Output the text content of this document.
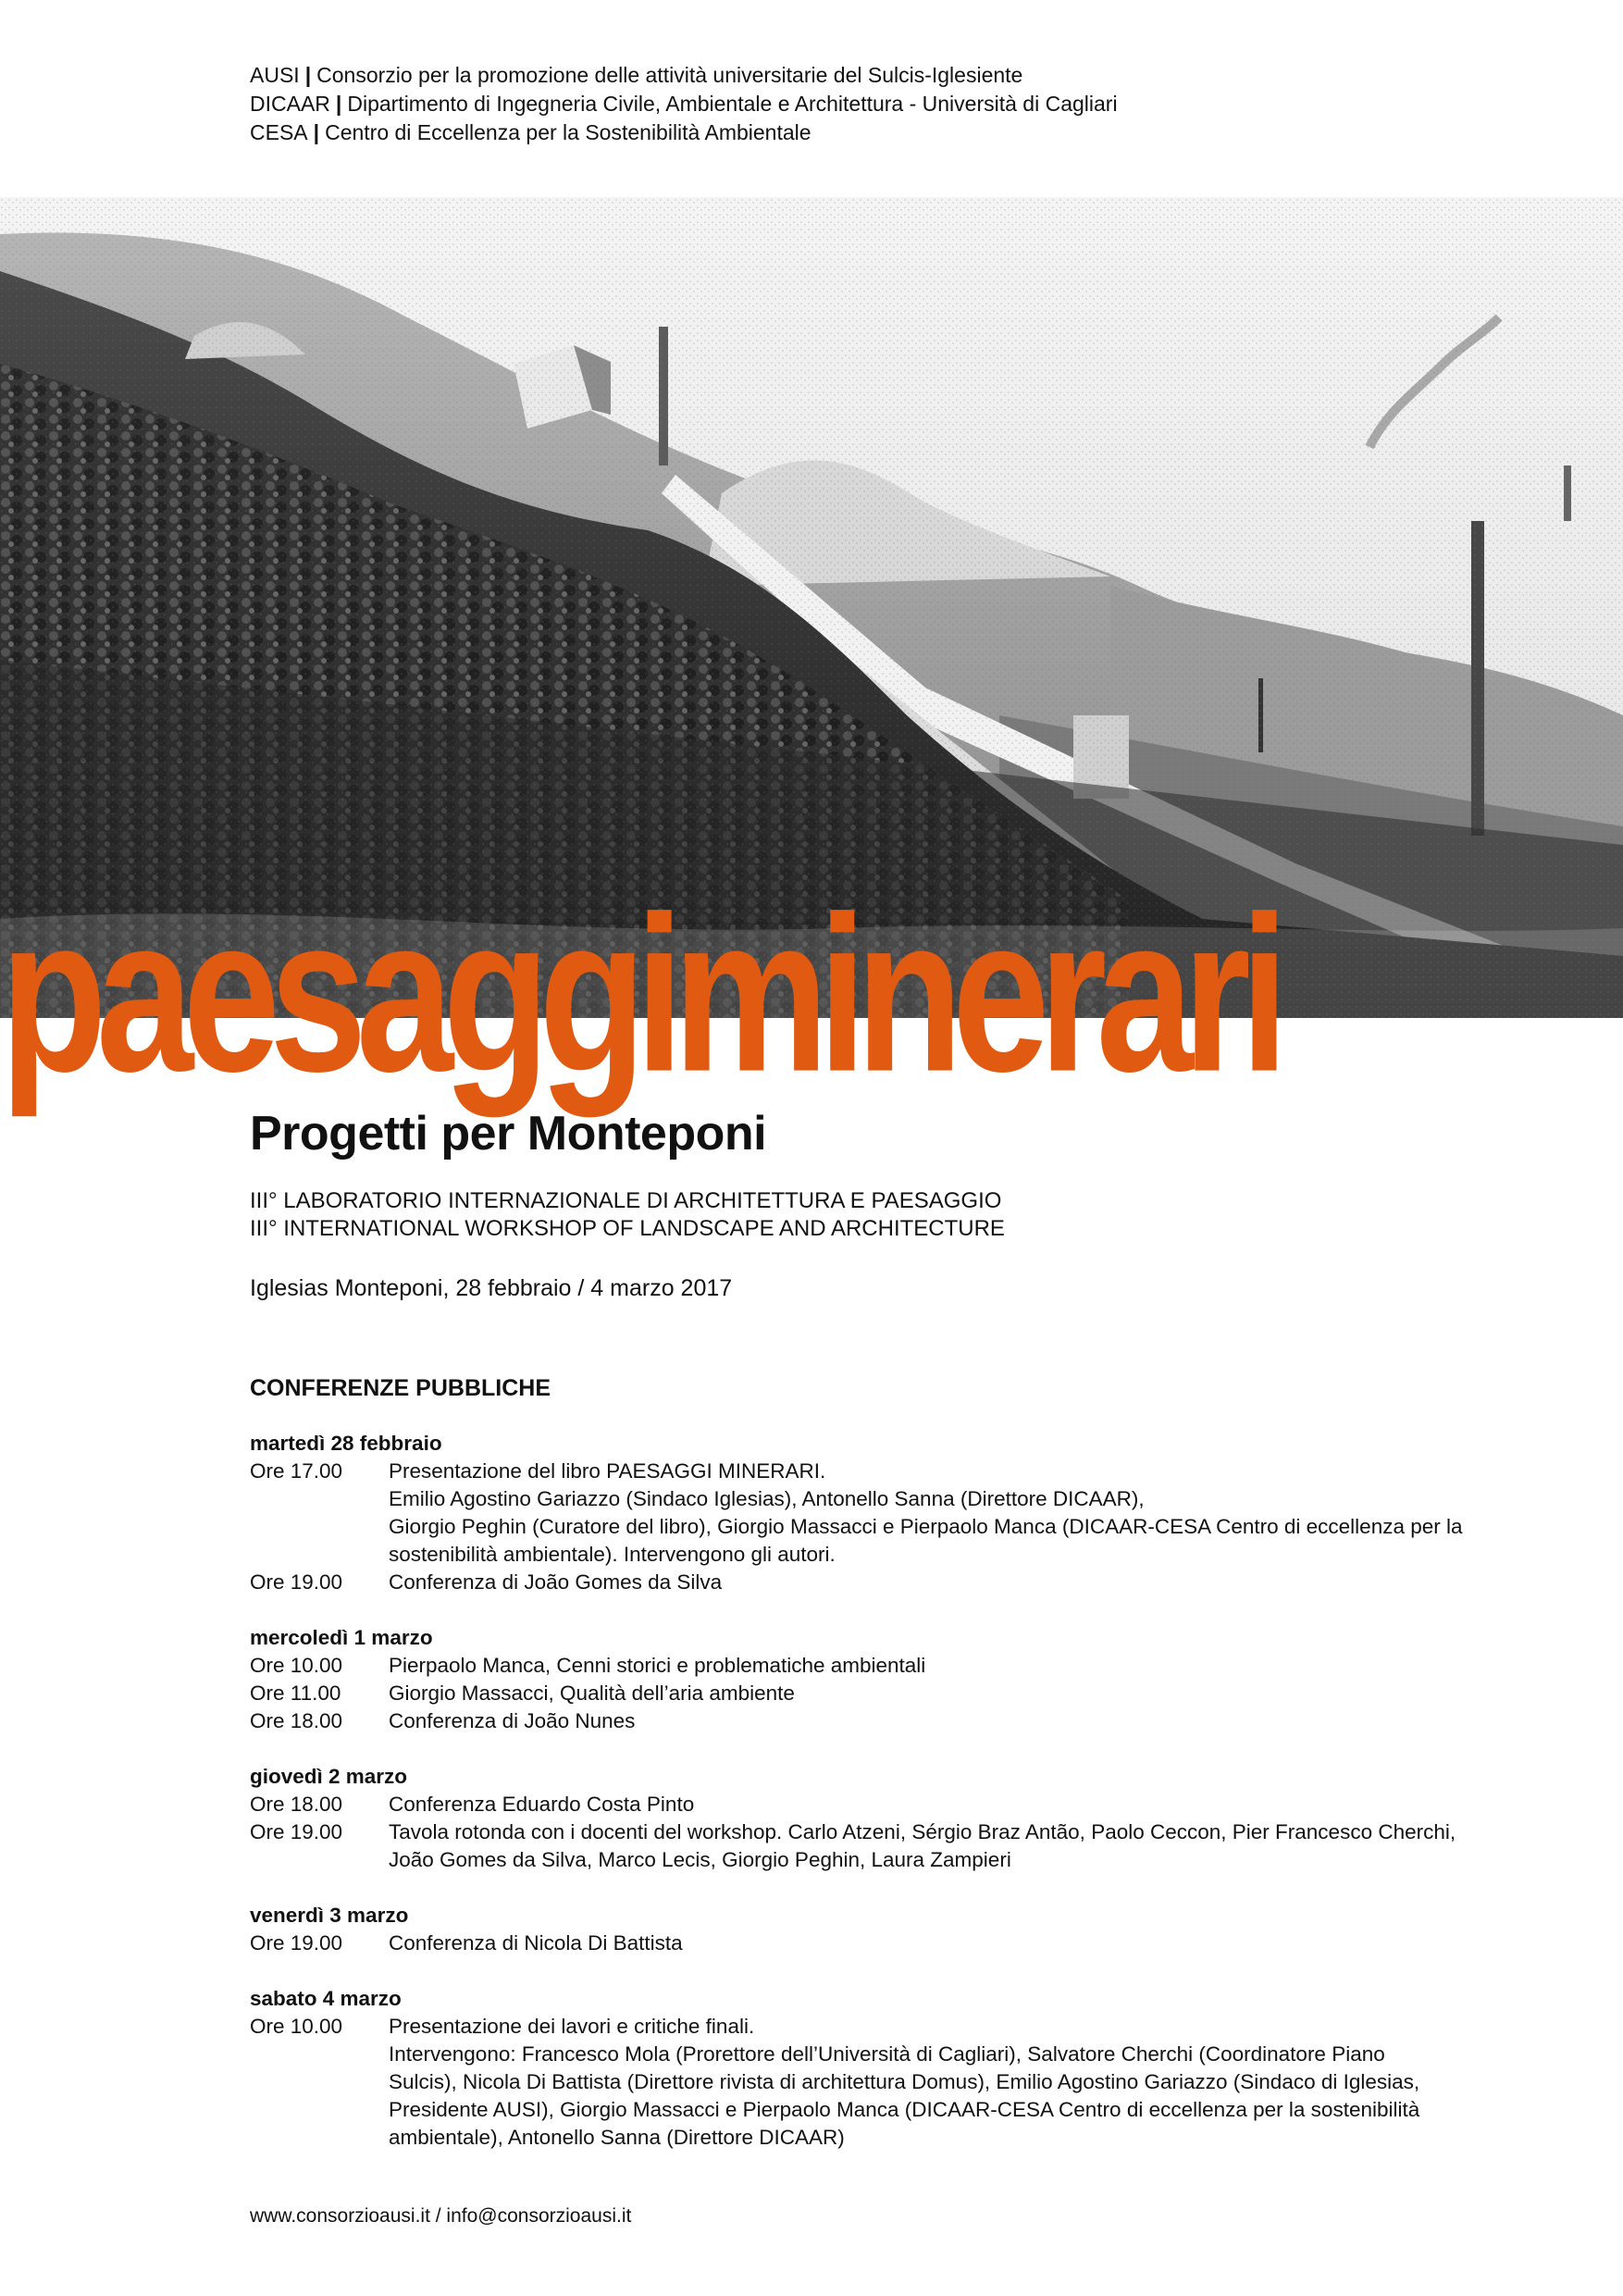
AUSI | Consorzio per la promozione delle attività universitarie del Sulcis-Iglesiente
DICAAR | Dipartimento di Ingegneria Civile, Ambientale e Architettura - Università di Cagliari
CESA | Centro di Eccellenza per la Sostenibilità Ambientale
paesaggiminerari
Progetti per Monteponi
III° LABORATORIO INTERNAZIONALE DI ARCHITETTURA E PAESAGGIO
III° INTERNATIONAL WORKSHOP OF LANDSCAPE AND ARCHITECTURE
Iglesias Monteponi, 28 febbraio / 4 marzo 2017
CONFERENZE PUBBLICHE
martedì 28 febbraio
Ore 17.00	Presentazione del libro PAESAGGI MINERARI.
Emilio Agostino Gariazzo (Sindaco Iglesias), Antonello Sanna (Direttore DICAAR),
Giorgio Peghin (Curatore del libro), Giorgio Massacci e Pierpaolo Manca (DICAAR-CESA Centro di eccellenza per la
sostenibilità ambientale). Intervengono gli autori.
Ore 19.00	Conferenza di João Gomes da Silva
mercoledì 1 marzo
Ore 10.00	Pierpaolo Manca, Cenni storici e problematiche ambientali
Ore 11.00	Giorgio Massacci, Qualità dell’aria ambiente
Ore 18.00	Conferenza di João Nunes
giovedì 2 marzo
Ore 18.00	Conferenza Eduardo Costa Pinto
Ore 19.00	Tavola rotonda con i docenti del workshop. Carlo Atzeni, Sérgio Braz Antão, Paolo Ceccon, Pier Francesco Cherchi,
João Gomes da Silva, Marco Lecis, Giorgio Peghin, Laura Zampieri
venerdì 3 marzo
Ore 19.00	Conferenza di Nicola Di Battista
sabato 4 marzo
Ore 10.00	Presentazione dei lavori e critiche finali.
Intervengono: Francesco Mola (Prorettore dell’Università di Cagliari), Salvatore Cherchi (Coordinatore Piano
Sulcis), Nicola Di Battista (Direttore rivista di architettura Domus), Emilio Agostino Gariazzo (Sindaco di Iglesias,
Presidente AUSI), Giorgio Massacci e Pierpaolo Manca (DICAAR-CESA Centro di eccellenza per la sostenibilità
ambientale), Antonello Sanna (Direttore DICAAR)
www.consorzioausi.it / info@consorzioausi.it
